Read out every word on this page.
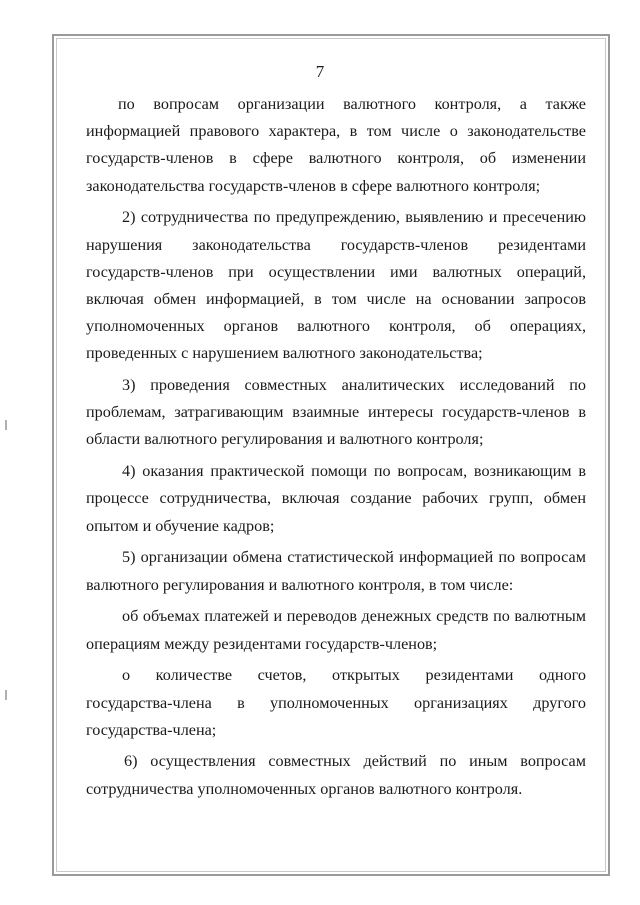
7
по вопросам организации валютного контроля, а также
информацией правового характера, в том числе о законодательстве
государств-членов в сфере валютного контроля, об изменении
законодательства государств-членов в сфере валютного контроля;
2) сотрудничества по предупреждению, выявлению и пресечению
нарушения законодательства государств-членов резидентами
государств-членов при осуществлении ими валютных операций,
включая обмен информацией, в том числе на основании запросов
уполномоченных органов валютного контроля, об операциях,
проведенных с нарушением валютного законодательства;
3) проведения совместных аналитических исследований по
проблемам, затрагивающим взаимные интересы государств-членов в
области валютного регулирования и валютного контроля;
4) оказания практической помощи по вопросам, возникающим в
процессе сотрудничества, включая создание рабочих групп, обмен
опытом и обучение кадров;
5) организации обмена статистической информацией по вопросам
валютного регулирования и валютного контроля, в том числе:
об объемах платежей и переводов денежных средств по валютным
операциям между резидентами государств-членов;
о количестве счетов, открытых резидентами одного
государства-члена в уполномоченных организациях другого
государства-члена;
6) осуществления совместных действий по иным вопросам
сотрудничества уполномоченных органов валютного контроля.
